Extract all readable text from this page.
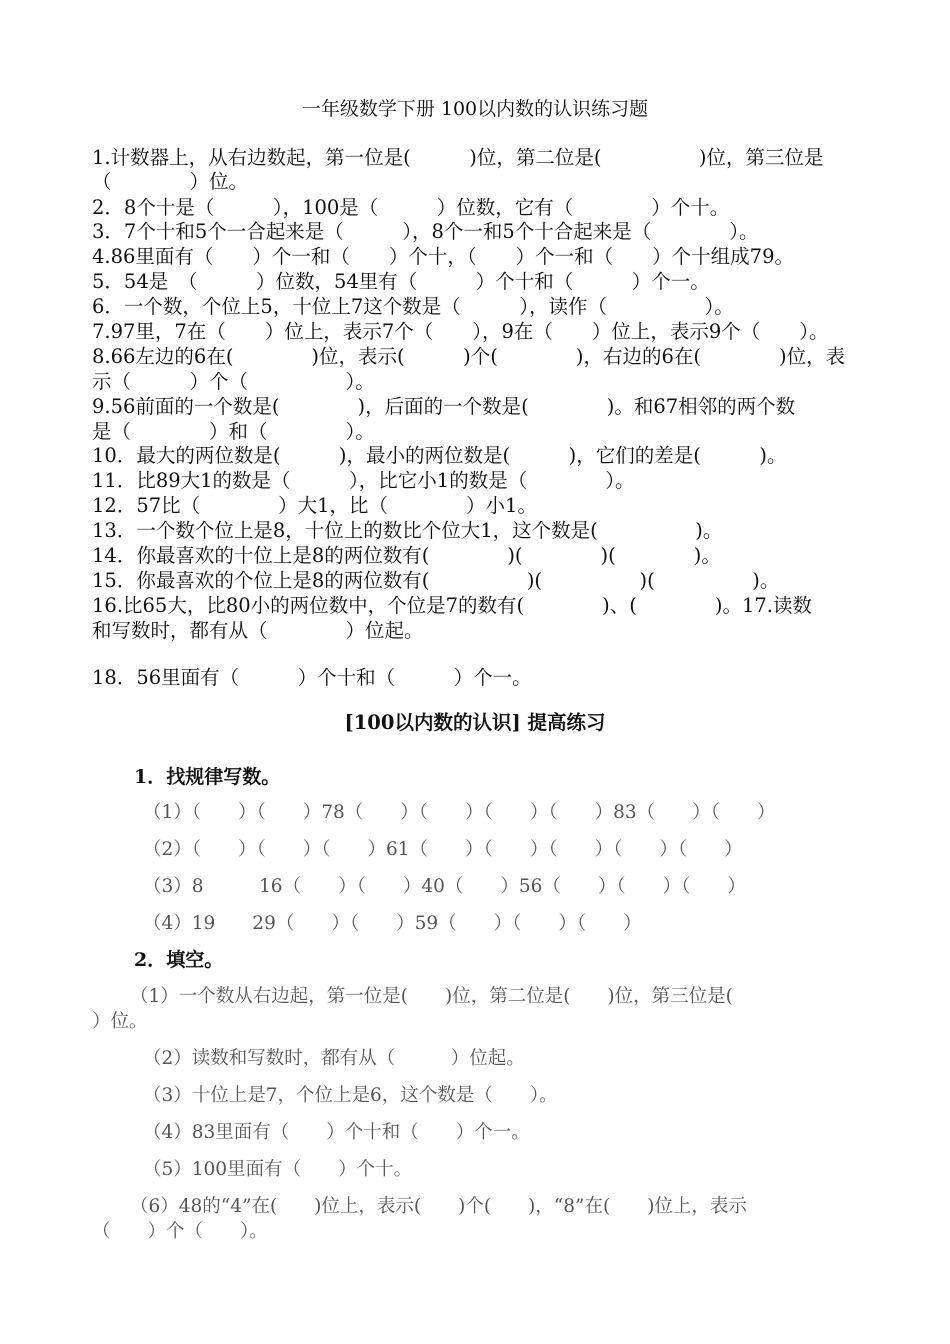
一年级数学下册 100以内数的认识练习题
1.计数器上，从右边数起，第一位是(　　　)位，第二位是(　　　　　)位，第三位是
（　　　　）位。
2．8个十是（　　　），100是（　　　）位数，它有（　　　　）个十。
3．7个十和5个一合起来是（　　　），8个一和5个十合起来是（　　　　）。
4.86里面有（　　）个一和（　　）个十，（　　）个一和（　　）个十组成79。
5．54是　（　　　）位数，54里有（　　　）个十和（　　　）个一。
6．一个数，个位上5，十位上7这个数是（　　　），读作（　　　　　）。
7.97里，7在（　　）位上，表示7个（　　），9在（　　）位上，表示9个（　　）。
8.66左边的6在(　　　　)位，表示(　　　)个(　　　　)，右边的6在(　　　　)位，表
示（　　　）个（　　　　　）。
9.56前面的一个数是(　　　　)，后面的一个数是(　　　　)。和67相邻的两个数
是（　　　　）和（　　　　）。
10．最大的两位数是(　　　)，最小的两位数是(　　　)，它们的差是(　　　)。
11．比89大1的数是（　　　），比它小1的数是（　　　　）。
12．57比（　　　　）大1，比（　　　　）小1。
13．一个数个位上是8，十位上的数比个位大1，这个数是(　　　　　)。
14．你最喜欢的十位上是8的两位数有(　　　　)(　　　　)(　　　　)。
15．你最喜欢的个位上是8的两位数有(　　　　　)(　　　　　)(　　　　　)。
16.比65大，比80小的两位数中，个位是7的数有(　　　　)、(　　　　)。17.读数
和写数时，都有从（　　　　）位起。
18．56里面有（　　　）个十和（　　　）个一。
[100以内数的认识] 提高练习
1．找规律写数。
（1）（　　）（　　）78（　　）（　　）（　　）（　　）83（　　）（　　）
（2）（　　）（　　）（　　）61（　　）（　　）（　　）（　　）（　　）
（3）8　　　16（　　）（　　）40（　　）56（　　）（　　）（　　）
（4）19　　29（　　）（　　）59（　　）（　　）（　　）
2．填空。
（1）一个数从右边起，第一位是(　　)位，第二位是(　　)位，第三位是(
）位。
（2）读数和写数时，都有从（　　　）位起。
（3）十位上是7，个位上是6，这个数是（　　）。
（4）83里面有（　　）个十和（　　）个一。
（5）100里面有（　　）个十。
（6）48的“4”在(　　)位上，表示(　　)个(　　)，“8”在(　　)位上，表示
（　　）个（　　）。
